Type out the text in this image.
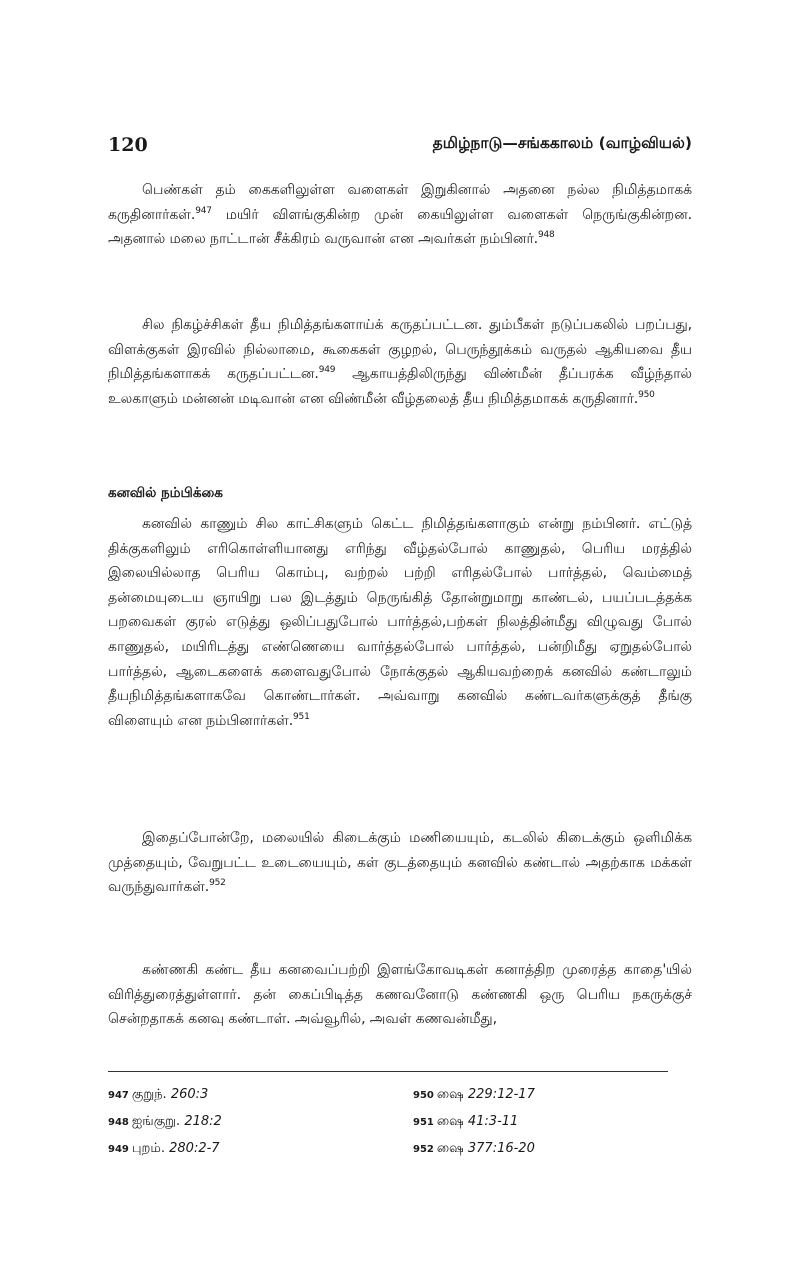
120	தமிழ்நாடு—சங்ககாலம் (வாழ்வியல்)

பெண்கள் தம் கைகளிலுள்ள வளைகள் இறுகினால் அதனை நல்ல நிமித்தமாகக் கருதினார்கள்.$^{947}$ மயிர் விளங்குகின்ற முன் கையிலுள்ள வளைகள் நெருங்குகின்றன. அதனால் மலை நாட்டான் சீக்கிரம் வருவான் என அவர்கள் நம்பினர்.$^{948}$

சில நிகழ்ச்சிகள் தீய நிமித்தங்களாய்க் கருதப்பட்டன. தும்பீகள் நடுப்பகலில் பறப்பது, விளக்குகள் இரவில் நில்லாமை, கூகைகள் குழறல், பெருந்தூக்கம் வருதல் ஆகியவை தீய நிமித்தங்களாகக் கருதப்பட்டன.$^{949}$ ஆகாயத்திலிருந்து விண்மீன் தீப்பரக்க வீழ்ந்தால் உலகாளும் மன்னன் மடிவான் என விண்மீன் வீழ்தலைத் தீய நிமித்தமாகக் கருதினார்.$^{950}$

கனவில் நம்பிக்கை

கனவில் காணும் சில காட்சிகளும் கெட்ட நிமித்தங்களாகும் என்று நம்பினர். எட்டுத் திக்குகளிலும் எரிகொள்ளியானது எரிந்து வீழ்தல்போல் காணுதல், பெரிய மரத்தில் இலையில்லாத பெரிய கொம்பு, வற்றல் பற்றி எரிதல்போல் பார்த்தல், வெம்மைத் தன்மையுடைய ஞாயிறு பல இடத்தும் நெருங்கித் தோன்றுமாறு காண்டல், பயப்படத்தக்க பறவைகள் குரல் எடுத்து ஒலிப்பதுபோல் பார்த்தல்,பற்கள் நிலத்தின்மீது விழுவது போல் காணுதல், மயிரிடத்து எண்ணெயை வார்த்தல்போல் பார்த்தல், பன்றிமீது ஏறுதல்போல் பார்த்தல், ஆடைகளைக் களைவதுபோல் நோக்குதல் ஆகியவற்றைக் கனவில் கண்டாலும் தீயநிமித்தங்களாகவே கொண்டார்கள். அவ்வாறு கனவில் கண்டவர்களுக்குத் தீங்கு விளையும் என நம்பினார்கள்.$^{951}$

இதைப்போன்றே, மலையில் கிடைக்கும் மணியையும், கடலில் கிடைக்கும் ஒளிமிக்க முத்தையும், வேறுபட்ட உடையையும், கள் குடத்தையும் கனவில் கண்டால் அதற்காக மக்கள் வருந்துவார்கள்.$^{952}$

கண்ணகி கண்ட தீய கனவைப்பற்றி இளங்கோவடிகள் கனாத்திற முரைத்த காதை'யில் விரித்துரைத்துள்ளார். தன் கைப்பிடித்த கணவனோடு கண்ணகி ஒரு பெரிய நகருக்குச் சென்றதாகக் கனவு கண்டாள். அவ்வூரில், அவள் கணவன்மீது,

947 குறுந். 260:3
948 ஐங்குறு. 218:2
949 புறம். 280:2-7
950 ஷை 229:12-17
951 ஷை 41:3-11
952 ஷை 377:16-20
